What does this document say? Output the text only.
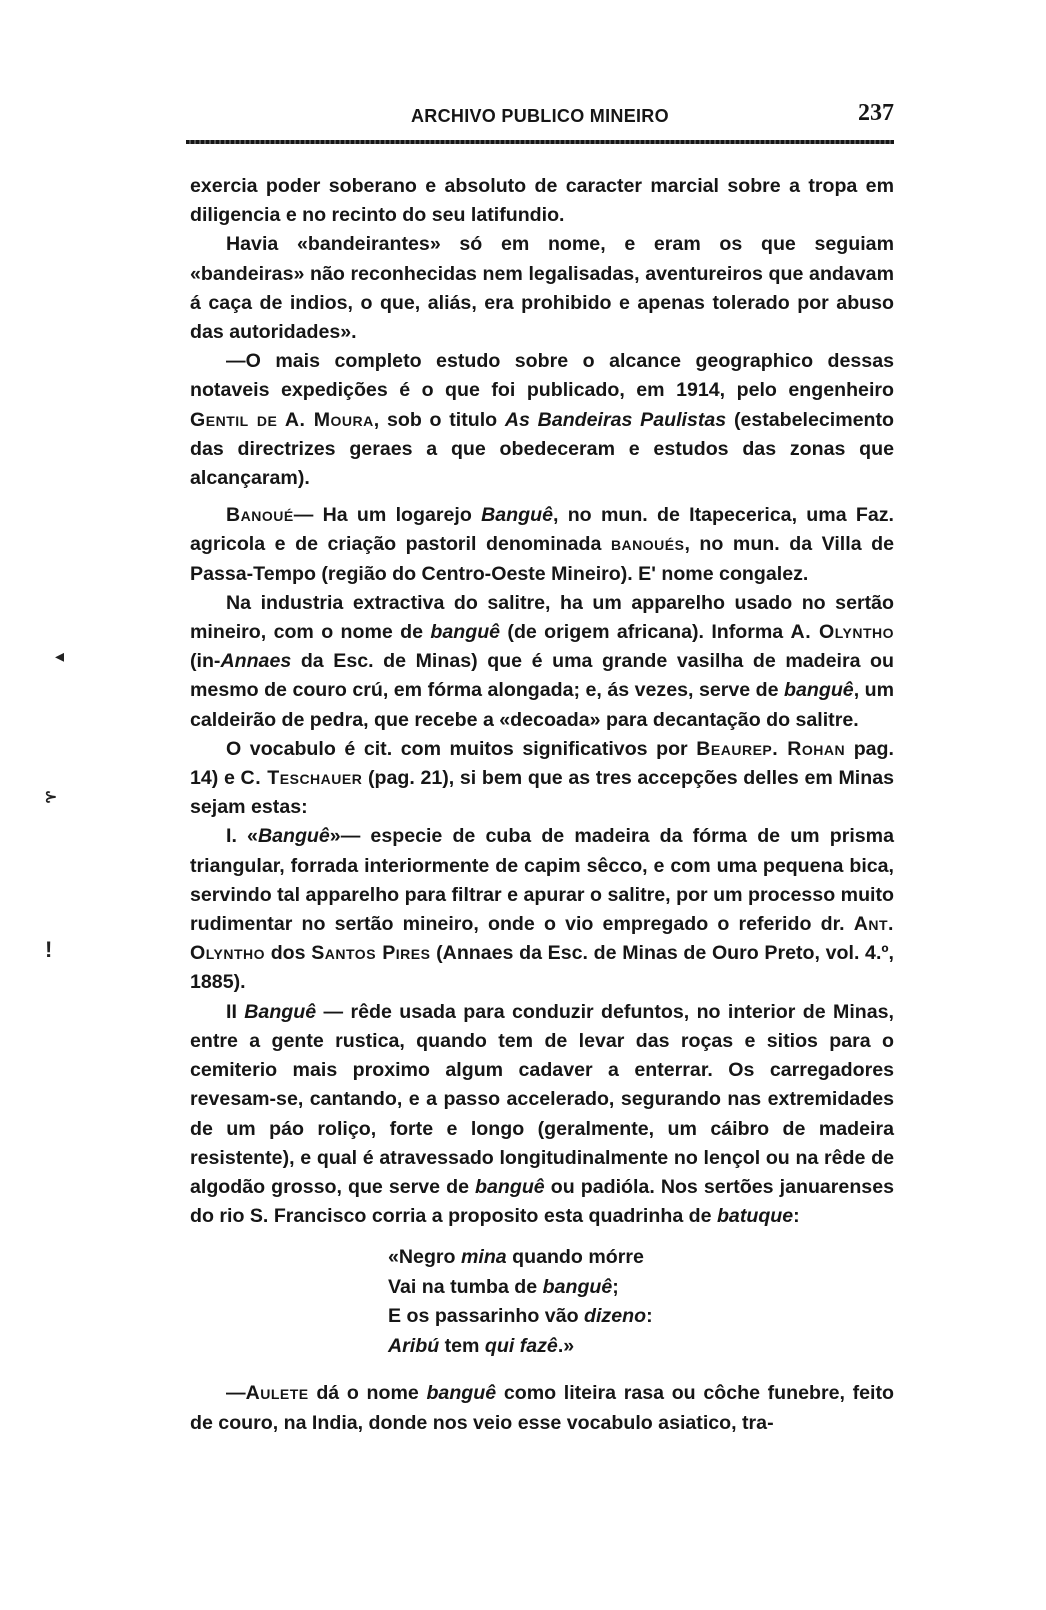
ARCHIVO PUBLICO MINEIRO	237
◂
⊱
ǃ

exercia poder soberano e absoluto de caracter marcial sobre a tropa em diligencia e no recinto do seu latifundio.

Havia «bandeirantes» só em nome, e eram os que seguiam «bandeiras» não reconhecidas nem legalisadas, aventureiros que andavam á caça de indios, o que, aliás, era prohibido e apenas tolerado por abuso das autoridades».

—O mais completo estudo sobre o alcance geographico dessas notaveis expedições é o que foi publicado, em 1914, pelo engenheiro Gentil de A. Moura, sob o titulo As Bandeiras Paulistas (estabelecimento das directrizes geraes a que obedeceram e estudos das zonas que alcançaram).

Banoué— Ha um logarejo Banguê, no mun. de Itapecerica, uma Faz. agricola e de criação pastoril denominada banoués, no mun. da Villa de Passa-Tempo (região do Centro-Oeste Mineiro). E' nome congalez.

Na industria extractiva do salitre, ha um apparelho usado no sertão mineiro, com o nome de banguê (de origem africana). Informa A. Olyntho (in-Annaes da Esc. de Minas) que é uma grande vasilha de madeira ou mesmo de couro crú, em fórma alongada; e, ás vezes, serve de banguê, um caldeirão de pedra, que recebe a «decoada» para decantação do salitre.

O vocabulo é cit. com muitos significativos por Beaurep. Rohan pag. 14) e C. Teschauer (pag. 21), si bem que as tres accepções delles em Minas sejam estas:

I. «Banguê»— especie de cuba de madeira da fórma de um prisma triangular, forrada interiormente de capim sêcco, e com uma pequena bica, servindo tal apparelho para filtrar e apurar o salitre, por um processo muito rudimentar no sertão mineiro, onde o vio empregado o referido dr. Ant. Olyntho dos Santos Pires (Annaes da Esc. de Minas de Ouro Preto, vol. 4.º, 1885).

II Banguê — rêde usada para conduzir defuntos, no interior de Minas, entre a gente rustica, quando tem de levar das roças e sitios para o cemiterio mais proximo algum cadaver a enterrar. Os carregadores revesam-se, cantando, e a passo accelerado, segurando nas extremidades de um páo roliço, forte e longo (geralmente, um cáibro de madeira resistente), e qual é atravessado longitudinalmente no lençol ou na rêde de algodão grosso, que serve de banguê ou padióla. Nos sertões januarenses do rio S. Francisco corria a proposito esta quadrinha de batuque:

«Negro mina quando mórre
Vai na tumba de banguê;
E os passarinho vão dizeno:
Aribú tem qui fazê.»

—Aulete dá o nome banguê como liteira rasa ou côche funebre, feito de couro, na India, donde nos veio esse vocabulo asiatico, tra-
